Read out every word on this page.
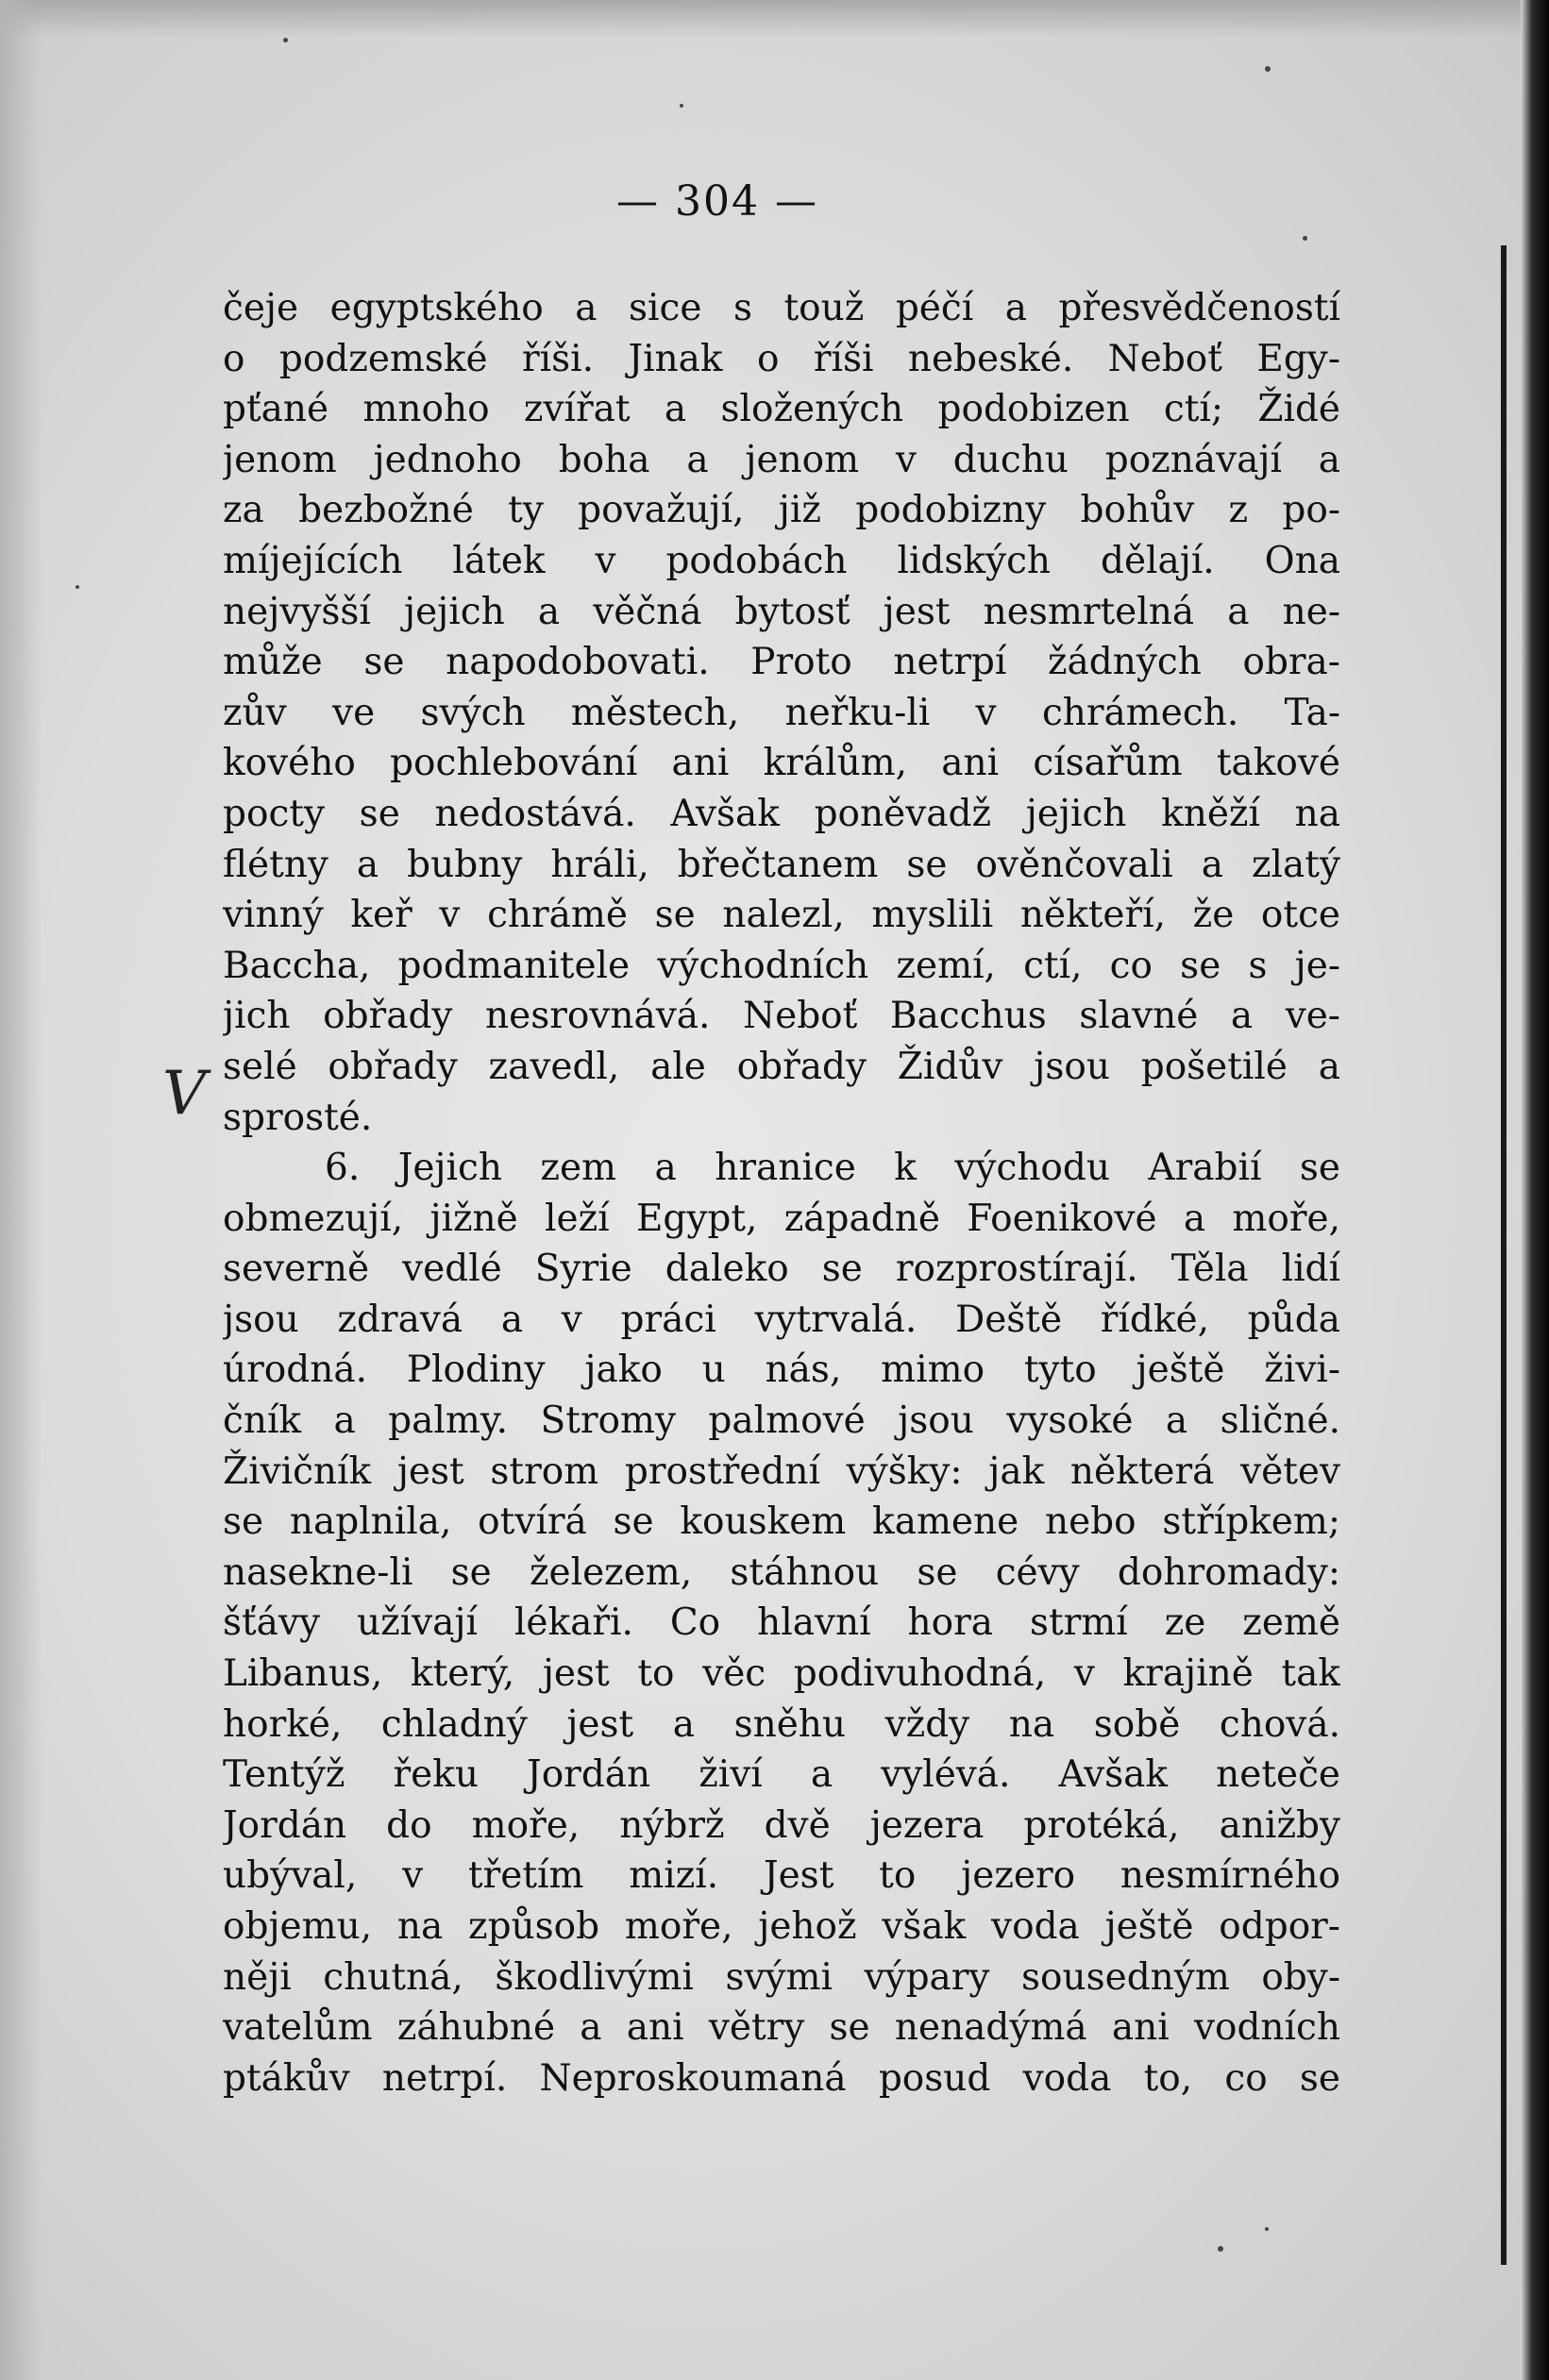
— 304 —
V
čeje egyptského a sice s touž péčí a přesvědčeností
o podzemské říši. Jinak o říši nebeské. Neboť Egy-
pťané mnoho zvířat a složených podobizen ctí; Židé
jenom jednoho boha a jenom v duchu poznávají a
za bezbožné ty považují, již podobizny bohův z po-
míjejících látek v podobách lidských dělají. Ona
nejvyšší jejich a věčná bytosť jest nesmrtelná a ne-
může se napodobovati. Proto netrpí žádných obra-
zův ve svých městech, neřku-li v chrámech. Ta-
kového pochlebování ani králům, ani císařům takové
pocty se nedostává. Avšak poněvadž jejich kněží na
flétny a bubny hráli, břečtanem se ověnčovali a zlatý
vinný keř v chrámě se nalezl, myslili někteří, že otce
Baccha, podmanitele východních zemí, ctí, co se s je-
jich obřady nesrovnává. Neboť Bacchus slavné a ve-
selé obřady zavedl, ale obřady Židův jsou pošetilé a
sprosté.
6. Jejich zem a hranice k východu Arabií se
obmezují, jižně leží Egypt, západně Foenikové a moře,
severně vedlé Syrie daleko se rozprostírají. Těla lidí
jsou zdravá a v práci vytrvalá. Deště řídké, půda
úrodná. Plodiny jako u nás, mimo tyto ještě živi-
čník a palmy. Stromy palmové jsou vysoké a sličné.
Živičník jest strom prostřední výšky: jak některá větev
se naplnila, otvírá se kouskem kamene nebo střípkem;
nasekne-li se železem, stáhnou se cévy dohromady:
šťávy užívají lékaři. Co hlavní hora strmí ze země
Libanus, který, jest to věc podivuhodná, v krajině tak
horké, chladný jest a sněhu vždy na sobě chová.
Tentýž řeku Jordán živí a vylévá. Avšak neteče
Jordán do moře, nýbrž dvě jezera protéká, anižby
ubýval, v třetím mizí. Jest to jezero nesmírného
objemu, na způsob moře, jehož však voda ještě odpor-
něji chutná, škodlivými svými výpary sousedným oby-
vatelům záhubné a ani větry se nenadýmá ani vodních
ptákův netrpí. Neproskoumaná posud voda to, co se
